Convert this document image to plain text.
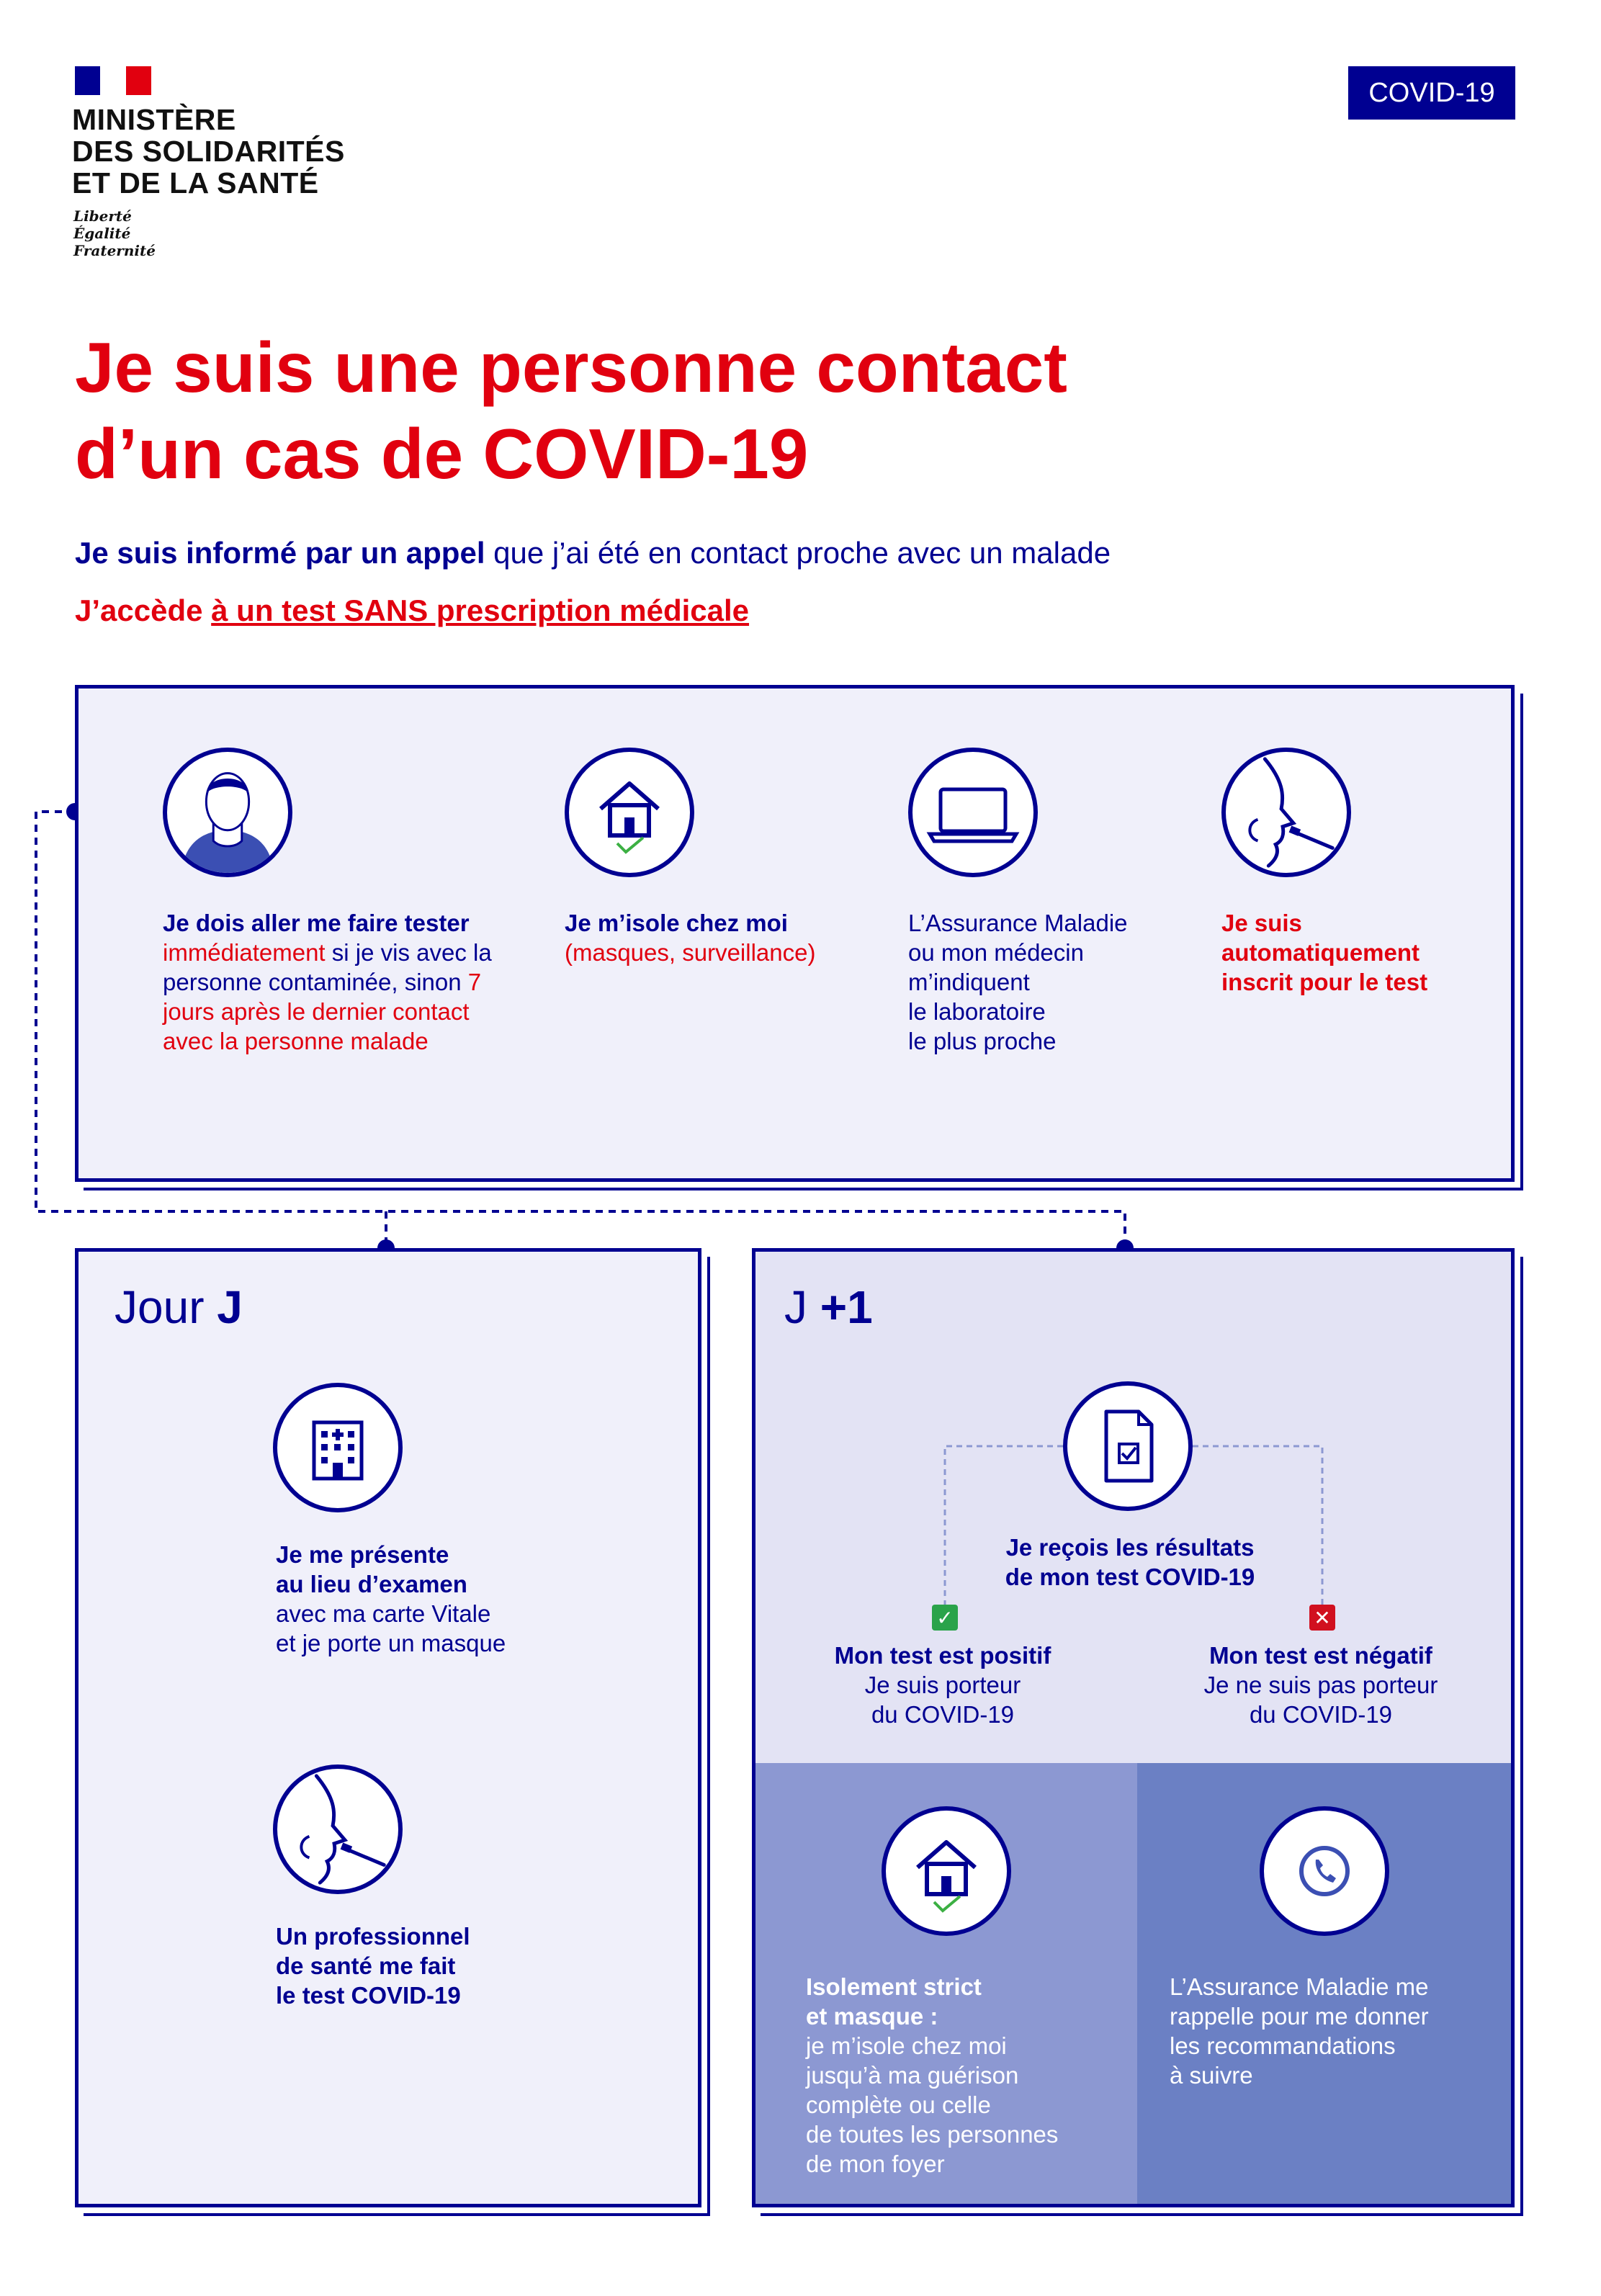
MINISTÈRE
DES SOLIDARITÉS
ET DE LA SANTÉ
Liberté
Égalité
Fraternité
COVID-19
Je suis une personne contact
d’un cas de COVID-19
Je suis informé par un appel que j’ai été en contact proche avec un malade
J’accède à un test SANS prescription médicale
Je dois aller me faire tester immédiatement si je vis avec la personne contaminée, sinon 7 jours après le dernier contact avec la personne malade
Je m’isole chez moi
(masques, surveillance)
L’Assurance Maladie
ou mon médecin
m’indiquent
le laboratoire
le plus proche
Je suis
automatiquement
inscrit pour le test
Jour J
Je me présente
au lieu d’examen
avec ma carte Vitale
et je porte un masque
Un professionnel
de santé me fait
le test COVID-19
J +1
Je reçois les résultats
de mon test COVID-19
✓
Mon test est positif
Je suis porteur
du COVID-19
✕
Mon test est négatif
Je ne suis pas porteur
du COVID-19
Isolement strict
et masque :
je m’isole chez moi
jusqu’à ma guérison
complète ou celle
de toutes les personnes
de mon foyer
L’Assurance Maladie me
rappelle pour me donner
les recommandations
à suivre
